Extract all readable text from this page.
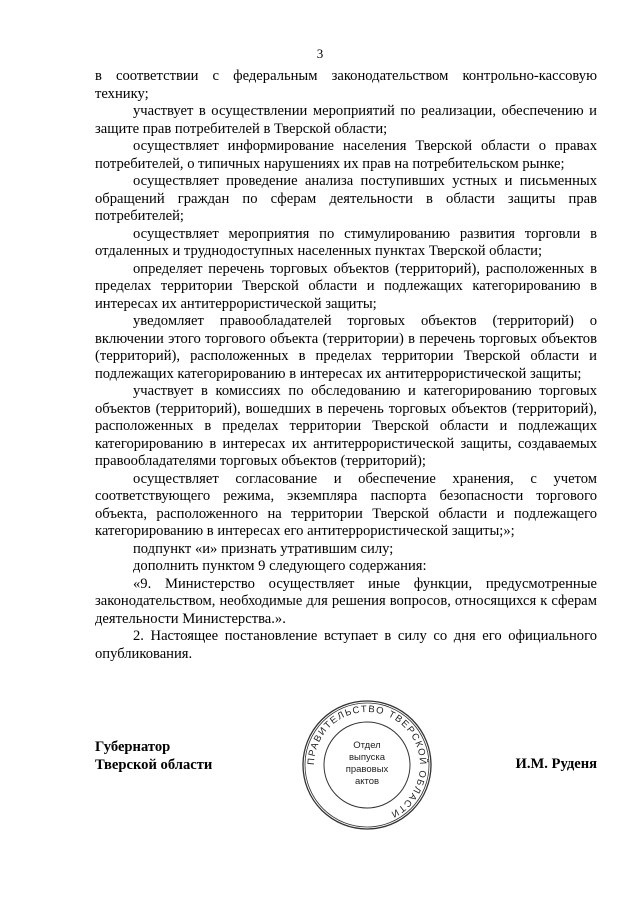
3

в соответствии с федеральным законодательством контрольно-кассовую технику;

участвует в осуществлении мероприятий по реализации, обеспечению и защите прав потребителей в Тверской области;

осуществляет информирование населения Тверской области о правах потребителей, о типичных нарушениях их прав на потребительском рынке;

осуществляет проведение анализа поступивших устных и письменных обращений граждан по сферам деятельности в области защиты прав потребителей;

осуществляет мероприятия по стимулированию развития торговли в отдаленных и труднодоступных населенных пунктах Тверской области;

определяет перечень торговых объектов (территорий), расположенных в пределах территории Тверской области и подлежащих категорированию в интересах их антитеррористической защиты;

уведомляет правообладателей торговых объектов (территорий) о включении этого торгового объекта (территории) в перечень торговых объектов (территорий), расположенных в пределах территории Тверской области и подлежащих категорированию в интересах их антитеррористической защиты;

участвует в комиссиях по обследованию и категорированию торговых объектов (территорий), вошедших в перечень торговых объектов (территорий), расположенных в пределах территории Тверской области и подлежащих категорированию в интересах их антитеррористической защиты, создаваемых правообладателями торговых объектов (территорий);

осуществляет согласование и обеспечение хранения, с учетом соответствующего режима, экземпляра паспорта безопасности торгового объекта, расположенного на территории Тверской области и подлежащего категорированию в интересах его антитеррористической защиты;»;

подпункт «и» признать утратившим силу;

дополнить пунктом 9 следующего содержания:

«9. Министерство осуществляет иные функции, предусмотренные законодательством, необходимые для решения вопросов, относящихся к сферам деятельности Министерства.».

2. Настоящее постановление вступает в силу со дня его официального опубликования.

ПРАВИТЕЛЬСТВО ТВЕРСКОЙ ОБЛАСТИ
Отдел
выпуска
правовых
актов
Губернатор
Тверской области	И.М. Руденя
